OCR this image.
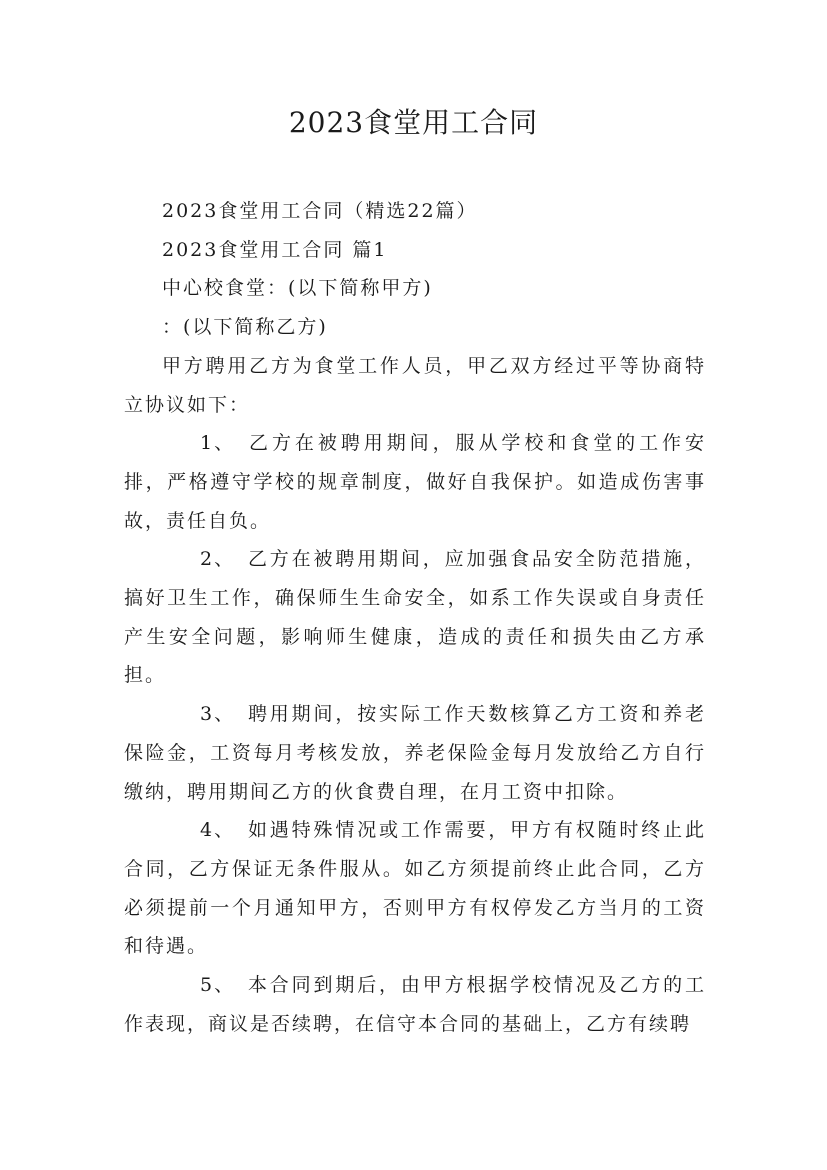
2023食堂用工合同

2023食堂用工合同（精选22篇）

2023食堂用工合同 篇1

中心校食堂：(以下简称甲方)

：(以下简称乙方)

甲方聘用乙方为食堂工作人员，甲乙双方经过平等协商特立协议如下：

1、 乙方在被聘用期间，服从学校和食堂的工作安排，严格遵守学校的规章制度，做好自我保护。如造成伤害事故，责任自负。

2、 乙方在被聘用期间，应加强食品安全防范措施，搞好卫生工作，确保师生生命安全，如系工作失误或自身责任产生安全问题，影响师生健康，造成的责任和损失由乙方承担。

3、 聘用期间，按实际工作天数核算乙方工资和养老保险金，工资每月考核发放，养老保险金每月发放给乙方自行缴纳，聘用期间乙方的伙食费自理，在月工资中扣除。

4、 如遇特殊情况或工作需要，甲方有权随时终止此合同，乙方保证无条件服从。如乙方须提前终止此合同，乙方必须提前一个月通知甲方，否则甲方有权停发乙方当月的工资和待遇。

5、 本合同到期后，由甲方根据学校情况及乙方的工作表现，商议是否续聘，在信守本合同的基础上，乙方有续聘
